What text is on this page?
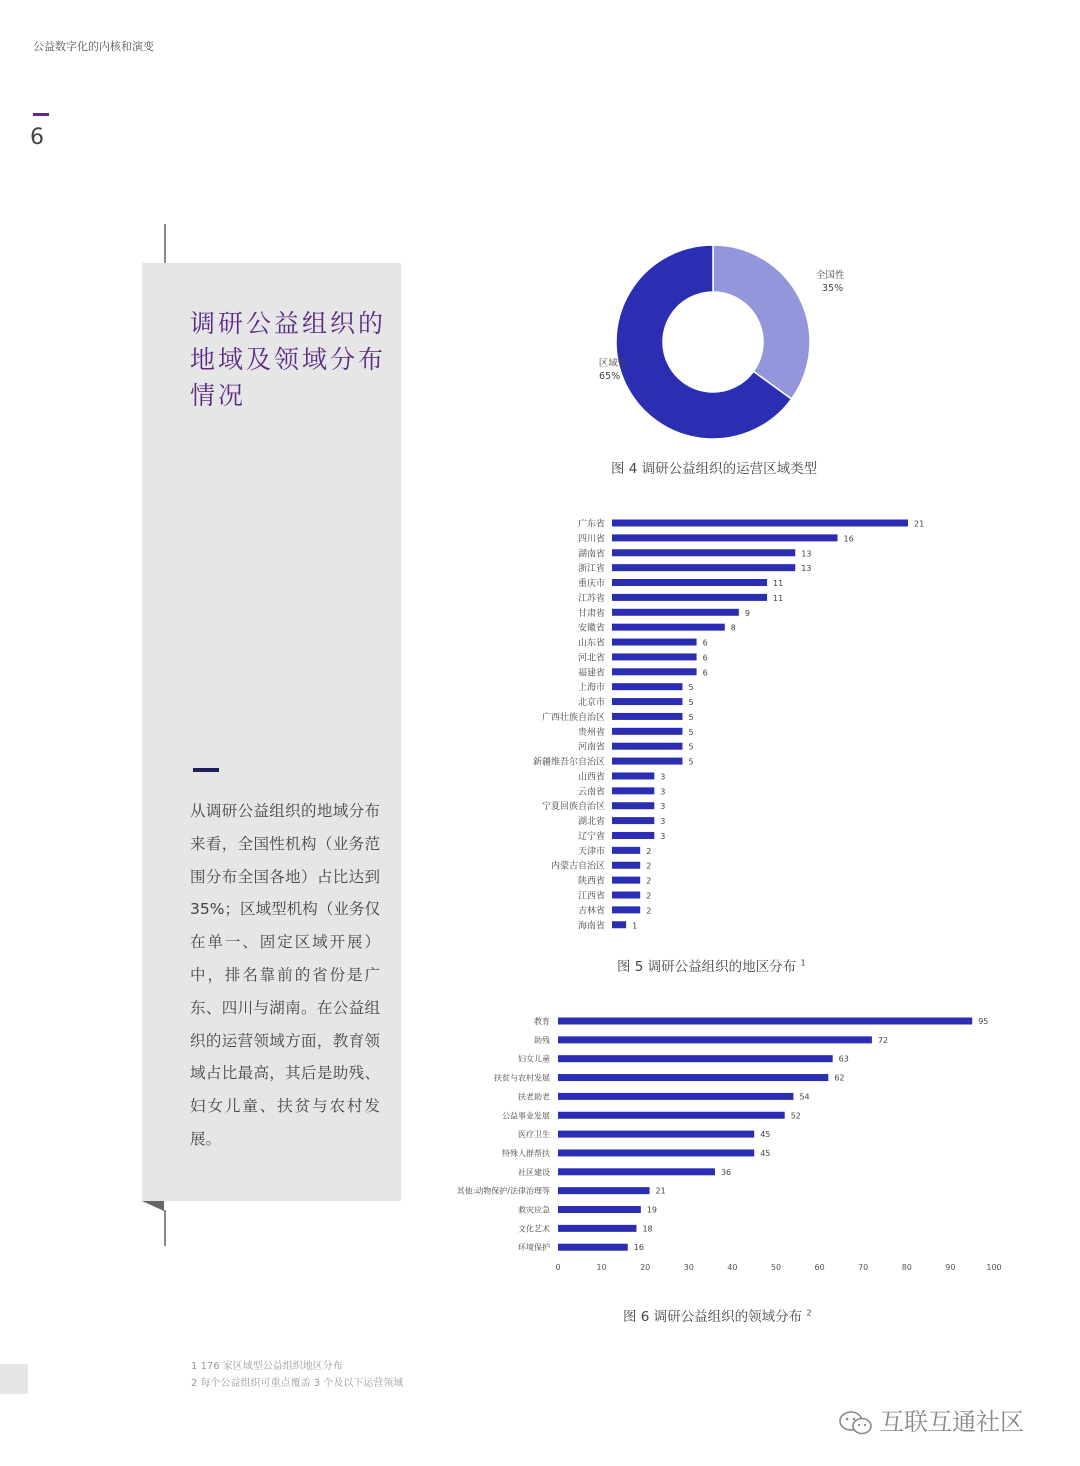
公益数字化的内核和演变
6
调研公益组织的地域及领域分布情况
从调研公益组织的地域分布来看，全国性机构（业务范围分布全国各地）占比达到 35%；区域型机构（业务仅在单一、固定区域开展）中，排名靠前的省份是广东、四川与湖南。在公益组织的运营领域方面，教育领域占比最高，其后是助残、妇女儿童、扶贫与农村发展。
全国性
35%
区域性
65%
图 4 调研公益组织的运营区域类型
广东省	21
四川省	16
湖南省	13
浙江省	13
重庆市	11
江苏省	11
甘肃省	9
安徽省	8
山东省	6
河北省	6
福建省	6
上海市	5
北京市	5
广西壮族自治区	5
贵州省	5
河南省	5
新疆维吾尔自治区	5
山西省	3
云南省	3
宁夏回族自治区	3
湖北省	3
辽宁省	3
天津市	2
内蒙古自治区	2
陕西省	2
江西省	2
吉林省	2
海南省	1
图 5 调研公益组织的地区分布 $^1$
教育	95
助残	72
妇女儿童	63
扶贫与农村发展	62
扶老助老	54
公益事业发展	52
医疗卫生	45
特殊人群帮扶	45
社区建设	36
其他:动物保护/法律治理等	21
救灾应急	19
文化艺术	18
环境保护	16
0	10	20	30	40	50	60	70	80	90	100
图 6 调研公益组织的领域分布 $^2$
1 176 家区域型公益组织地区分布
2 每个公益组织可重点覆盖 3 个及以下运营领域
互联互通社区
